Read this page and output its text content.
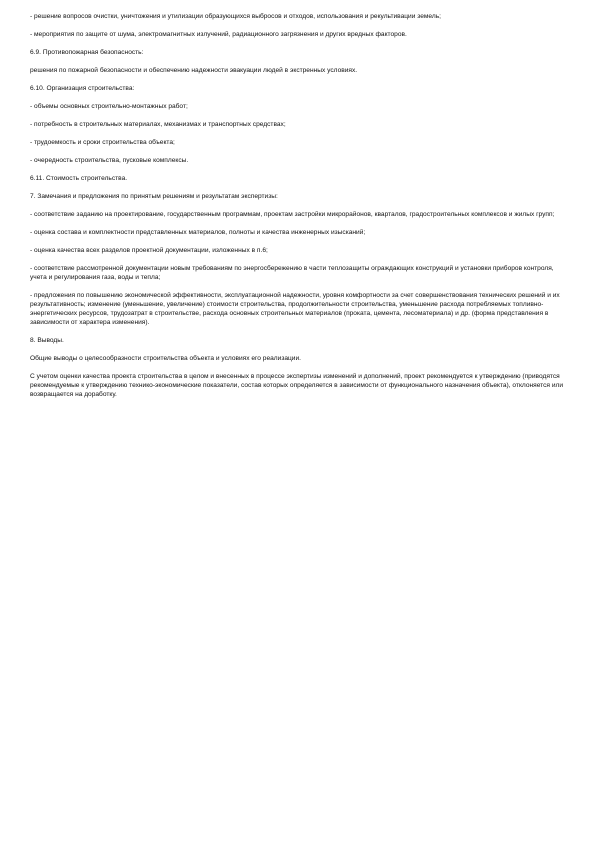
- решение вопросов очистки, уничтожения и утилизации образующихся выбросов и отходов, использования и рекультивации земель;

- мероприятия по защите от шума, электромагнитных излучений, радиационного загрязнения и других вредных факторов.

6.9. Противопожарная безопасность:

решения по пожарной безопасности и обеспечению надежности эвакуации людей в экстренных условиях.

6.10. Организация строительства:

- объемы основных строительно-монтажных работ;

- потребность в строительных материалах, механизмах и транспортных средствах;

- трудоемкость и сроки строительства объекта;

- очередность строительства, пусковые комплексы.

6.11. Стоимость строительства.

7. Замечания и предложения по принятым решениям и результатам экспертизы:

- соответствие заданию на проектирование, государственным программам, проектам застройки микрорайонов, кварталов, градостроительных комплексов и жилых групп;

- оценка состава и комплектности представленных материалов, полноты и качества инженерных изысканий;

- оценка качества всех разделов проектной документации, изложенных в п.6;

- соответствие рассмотренной документации новым требованиям по энергосбережению в части теплозащиты ограждающих конструкций и установки приборов контроля, учета и регулирования газа, воды и тепла;

- предложения по повышению экономической эффективности, эксплуатационной надежности, уровня комфортности за счет совершенствования технических решений и их результативность; изменение (уменьшение, увеличение) стоимости строительства, продолжительности строительства, уменьшение расхода потребляемых топливно-энергетических ресурсов, трудозатрат в строительстве, расхода основных строительных материалов (проката, цемента, лесоматериала) и др. (форма представления в зависимости от характера изменения).

8. Выводы.

Общие выводы о целесообразности строительства объекта и условиях его реализации.

С учетом оценки качества проекта строительства в целом и внесенных в процессе экспертизы изменений и дополнений, проект рекомендуется к утверждению (приводятся рекомендуемые к утверждению технико-экономические показатели, состав которых определяется в зависимости от функционального назначения объекта), отклоняется или возвращается на доработку.
